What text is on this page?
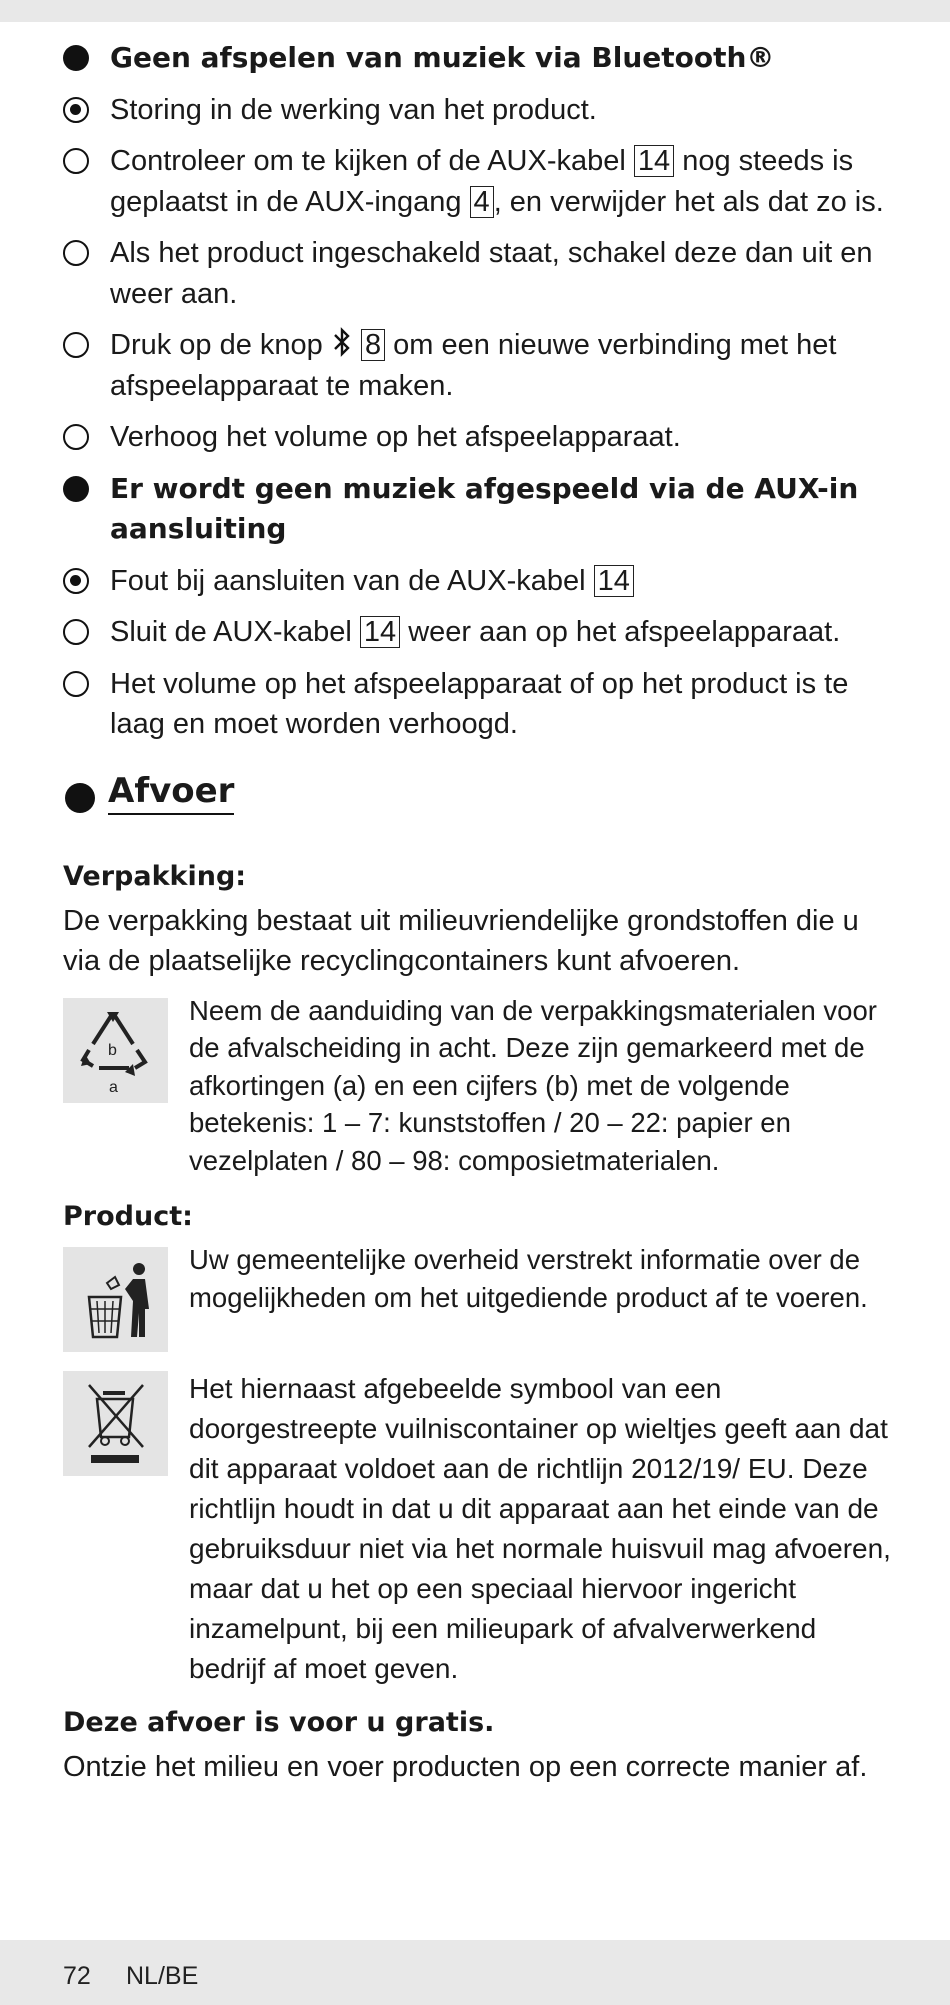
Geen afspelen van muziek via Bluetooth®
Storing in de werking van het product.
Controleer om te kijken of de AUX-kabel 14 nog steeds is geplaatst in de AUX-ingang 4 , en verwijder het als dat zo is.
Als het product ingeschakeld staat, schakel deze dan uit en weer aan.
Druk op de knop 8 om een nieuwe verbinding met het afspeelapparaat te maken.
Verhoog het volume op het afspeelapparaat.
Er wordt geen muziek afgespeeld via de AUX-in aansluiting
Fout bij aansluiten van de AUX-kabel 14
Sluit de AUX-kabel 14 weer aan op het afspeelapparaat.
Het volume op het afspeelapparaat of op het product is te laag en moet worden verhoogd.
Afvoer
Verpakking:
De verpakking bestaat uit milieuvriendelijke grondstoffen die u via de plaatselijke recyclingcontainers kunt afvoeren.
b
a
Neem de aanduiding van de verpakkingsmaterialen voor de afvalscheiding in acht. Deze zijn gemarkeerd met de afkortingen (a) en een cijfers (b) met de volgende betekenis: 1 – 7: kunststoffen / 20 – 22: papier en vezelplaten / 80 – 98: composietmaterialen.
Product:
Uw gemeentelijke overheid verstrekt informatie over de mogelijkheden om het uitgediende product af te voeren.
Het hiernaast afgebeelde symbool van een doorgestreepte vuilniscontainer op wieltjes geeft aan dat dit apparaat voldoet aan de richtlijn 2012/19/ EU. Deze richtlijn houdt in dat u dit apparaat aan het einde van de gebruiksduur niet via het normale huisvuil mag afvoeren, maar dat u het op een speciaal hiervoor ingericht inzamelpunt, bij een milieupark of afvalverwerkend bedrijf af moet geven.
Deze afvoer is voor u gratis.
Ontzie het milieu en voer producten op een correcte manier af.
72 NL/BE
